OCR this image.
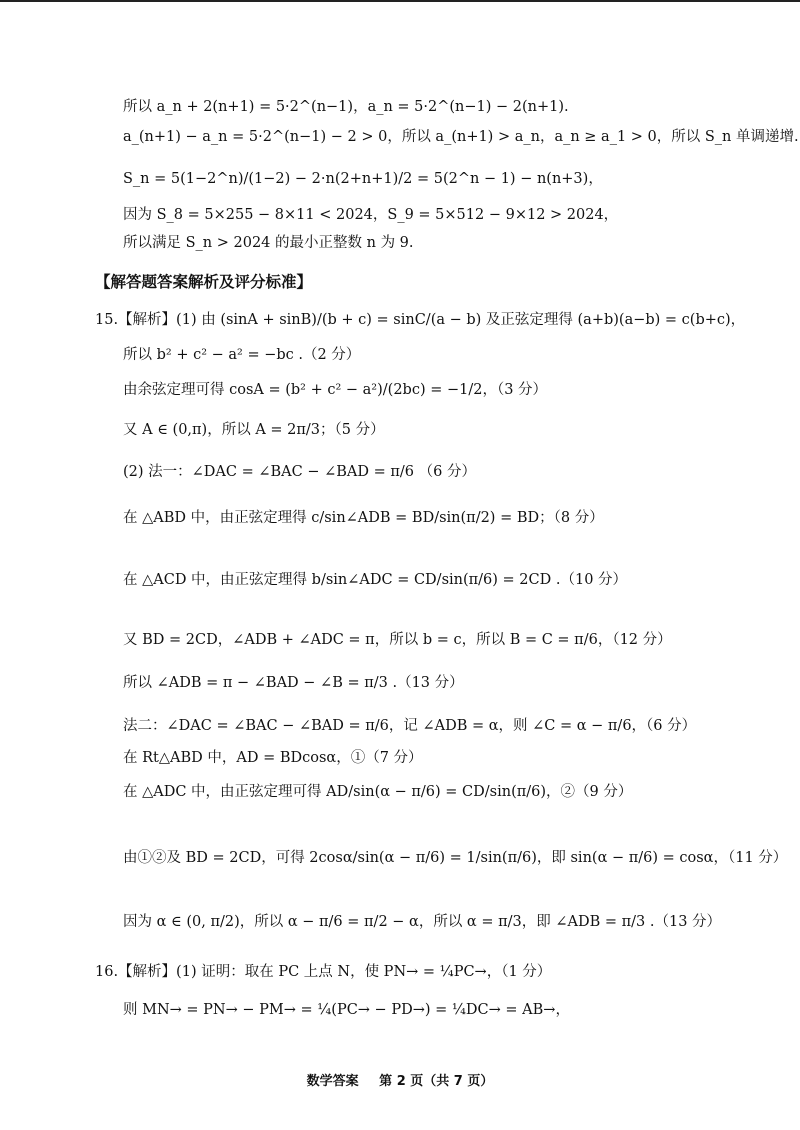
所以 a_n + 2(n+1) = 5·2^(n−1)，a_n = 5·2^(n−1) − 2(n+1).
a_(n+1) − a_n = 5·2^(n−1) − 2 > 0，所以 a_(n+1) > a_n，a_n ≥ a_1 > 0，所以 S_n 单调递增.
S_n = 5(1−2^n)/(1−2) − 2·n(2+n+1)/2 = 5(2^n − 1) − n(n+3)，
因为 S_8 = 5×255 − 8×11 < 2024，S_9 = 5×512 − 9×12 > 2024，
所以满足 S_n > 2024 的最小正整数 n 为 9.
【解答题答案解析及评分标准】
15.【解析】(1) 由 (sinA + sinB)/(b + c) = sinC/(a − b) 及正弦定理得 (a+b)(a−b) = c(b+c)，
所以 b² + c² − a² = −bc .（2 分）
由余弦定理可得 cosA = (b² + c² − a²)/(2bc) = −1/2，（3 分）
又 A ∈ (0,π)，所以 A = 2π/3；（5 分）
(2) 法一：∠DAC = ∠BAC − ∠BAD = π/6 （6 分）
在 △ABD 中，由正弦定理得 c/sin∠ADB = BD/sin(π/2) = BD；（8 分）
在 △ACD 中，由正弦定理得 b/sin∠ADC = CD/sin(π/6) = 2CD .（10 分）
又 BD = 2CD，∠ADB + ∠ADC = π，所以 b = c，所以 B = C = π/6，（12 分）
所以 ∠ADB = π − ∠BAD − ∠B = π/3 .（13 分）
法二：∠DAC = ∠BAC − ∠BAD = π/6，记 ∠ADB = α，则 ∠C = α − π/6，（6 分）
在 Rt△ABD 中，AD = BDcosα，①（7 分）
在 △ADC 中，由正弦定理可得 AD/sin(α − π/6) = CD/sin(π/6)，②（9 分）
由①②及 BD = 2CD，可得 2cosα/sin(α − π/6) = 1/sin(π/6)，即 sin(α − π/6) = cosα，（11 分）
因为 α ∈ (0, π/2)，所以 α − π/6 = π/2 − α，所以 α = π/3，即 ∠ADB = π/3 .（13 分）
16.【解析】(1) 证明：取在 PC 上点 N，使 PN→ = ¼PC→，（1 分）
则 MN→ = PN→ − PM→ = ¼(PC→ − PD→) = ¼DC→ = AB→，
数学答案 第 2 页（共 7 页）
